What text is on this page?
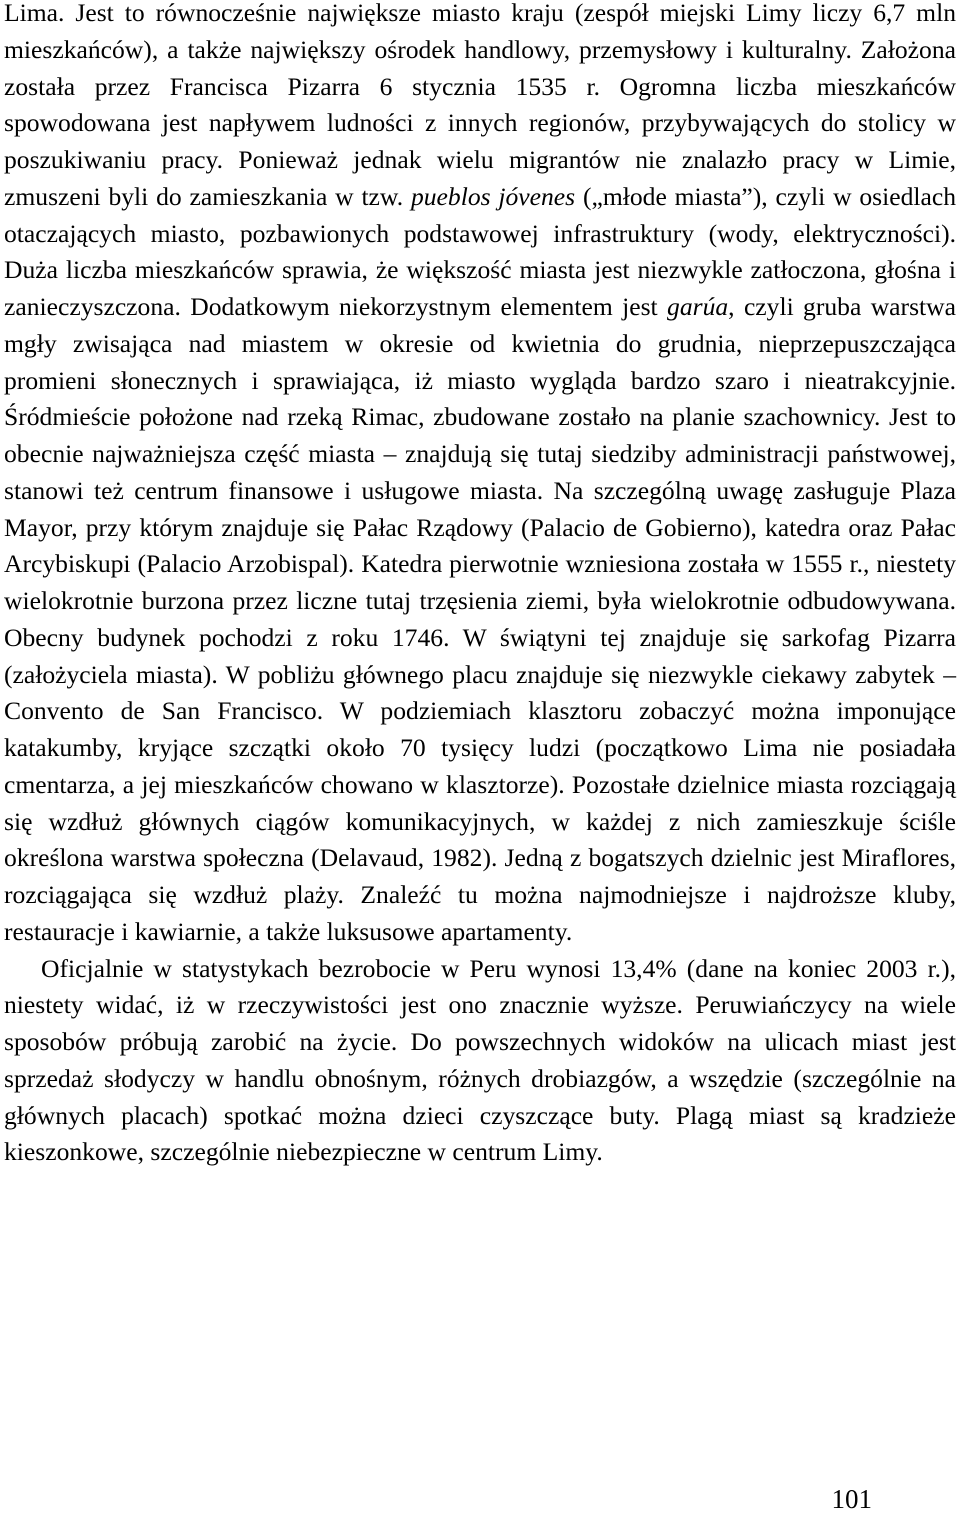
Lima. Jest to równocześnie największe miasto kraju (zespół miejski Limy liczy 6,7 mln mieszkańców), a także największy ośrodek handlowy, przemysłowy i kulturalny. Założona została przez Francisca Pizarra 6 stycznia 1535 r. Ogromna liczba mieszkańców spowodowana jest napływem ludności z innych regionów, przybywających do stolicy w poszukiwaniu pracy. Ponieważ jednak wielu migrantów nie znalazło pracy w Limie, zmuszeni byli do zamieszkania w tzw. pueblos jóvenes („młode miasta”), czyli w osiedlach otaczających miasto, pozbawionych podstawowej infrastruktury (wody, elektryczności). Duża liczba mieszkańców sprawia, że większość miasta jest niezwykle zatłoczona, głośna i zanieczyszczona. Dodatkowym niekorzystnym elementem jest garúa, czyli gruba warstwa mgły zwisająca nad miastem w okresie od kwietnia do grudnia, nieprzepuszczająca promieni słonecznych i sprawiająca, iż miasto wygląda bardzo szaro i nieatrakcyjnie. Śródmieście położone nad rzeką Rimac, zbudowane zostało na planie szachownicy. Jest to obecnie najważniejsza część miasta – znajdują się tutaj siedziby administracji państwowej, stanowi też centrum finansowe i usługowe miasta. Na szczególną uwagę zasługuje Plaza Mayor, przy którym znajduje się Pałac Rządowy (Palacio de Gobierno), katedra oraz Pałac Arcybiskupi (Palacio Arzobispal). Katedra pierwotnie wzniesiona została w 1555 r., niestety wielokrotnie burzona przez liczne tutaj trzęsienia ziemi, była wielokrotnie odbudowywana. Obecny budynek pochodzi z roku 1746. W świątyni tej znajduje się sarkofag Pizarra (założyciela miasta). W pobliżu głównego placu znajduje się niezwykle ciekawy zabytek – Convento de San Francisco. W podziemiach klasztoru zobaczyć można imponujące katakumby, kryjące szczątki około 70 tysięcy ludzi (początkowo Lima nie posiadała cmentarza, a jej mieszkańców chowano w klasztorze). Pozostałe dzielnice miasta rozciągają się wzdłuż głównych ciągów komunikacyjnych, w każdej z nich zamieszkuje ściśle określona warstwa społeczna (Delavaud, 1982). Jedną z bogatszych dzielnic jest Miraflores, rozciągająca się wzdłuż plaży. Znaleźć tu można najmodniejsze i najdroższe kluby, restauracje i kawiarnie, a także luksusowe apartamenty.

Oficjalnie w statystykach bezrobocie w Peru wynosi 13,4% (dane na koniec 2003 r.), niestety widać, iż w rzeczywistości jest ono znacznie wyższe. Peruwiańczycy na wiele sposobów próbują zarobić na życie. Do powszechnych widoków na ulicach miast jest sprzedaż słodyczy w handlu obnośnym, różnych drobiazgów, a wszędzie (szczególnie na głównych placach) spotkać można dzieci czyszczące buty. Plagą miast są kradzieże kieszonkowe, szczególnie niebezpieczne w centrum Limy.

101
